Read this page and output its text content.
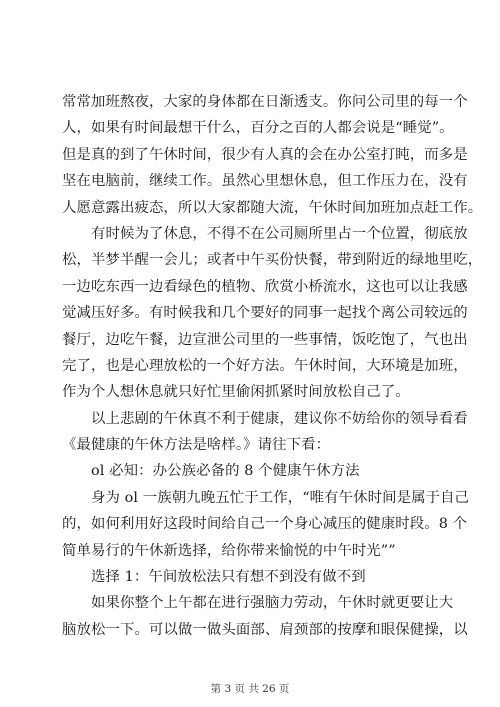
常常加班熬夜，大家的身体都在日渐透支。你问公司里的每一个
人，如果有时间最想干什么，百分之百的人都会说是“睡觉”。
但是真的到了午休时间，很少有人真的会在办公室打盹，而多是
坚在电脑前，继续工作。虽然心里想休息，但工作压力在，没有
人愿意露出疲态，所以大家都随大流，午休时间加班加点赶工作。
有时候为了休息，不得不在公司厕所里占一个位置，彻底放
松，半梦半醒一会儿；或者中午买份快餐，带到附近的绿地里吃，
一边吃东西一边看绿色的植物、欣赏小桥流水，这也可以让我感
觉减压好多。有时候我和几个要好的同事一起找个离公司较远的
餐厅，边吃午餐，边宣泄公司里的一些事情，饭吃饱了，气也出
完了，也是心理放松的一个好方法。午休时间，大环境是加班，
作为个人想休息就只好忙里偷闲抓紧时间放松自己了。
以上悲剧的午休真不利于健康，建议你不妨给你的领导看看
《最健康的午休方法是啥样。》请往下看：
ol 必知：办公族必备的 8 个健康午休方法
身为 ol 一族朝九晚五忙于工作，“唯有午休时间是属于自己
的，如何利用好这段时间给自己一个身心减压的健康时段。8 个
简单易行的午休新选择，给你带来愉悦的中午时光””
选择 1：午间放松法只有想不到没有做不到
如果你整个上午都在进行强脑力劳动，午休时就更要让大
脑放松一下。可以做一做头面部、肩颈部的按摩和眼保健操，以
第 3 页 共 26 页
